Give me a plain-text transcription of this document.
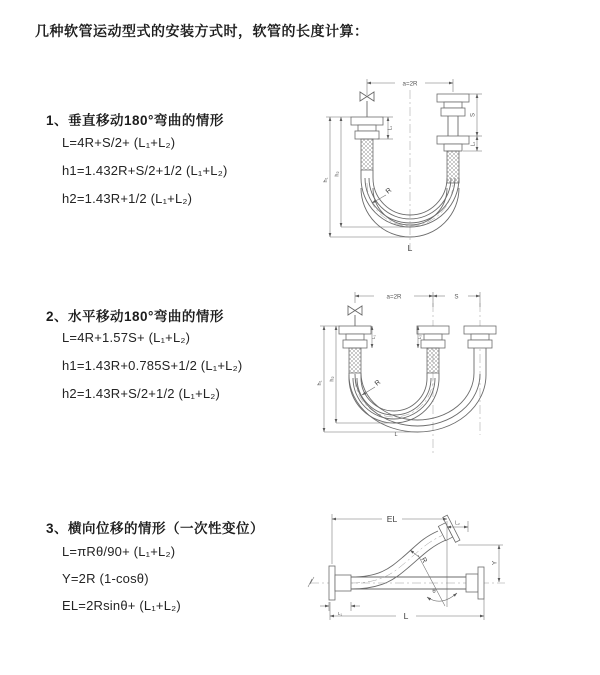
几种软管运动型式的安装方式时，软管的长度计算：
1、垂直移动180°弯曲的情形
L=4R+S/2+ (L₁+L₂)
h1=1.432R+S/2+1/2 (L₁+L₂)
h2=1.43R+1/2 (L₁+L₂)
2、水平移动180°弯曲的情形
L=4R+1.57S+ (L₁+L₂)
h1=1.43R+0.785S+1/2 (L₁+L₂)
h2=1.43R+S/2+1/2 (L₁+L₂)
3、横向位移的情形（一次性变位）
L=πRθ/90+ (L₁+L₂)
Y=2R (1-cosθ)
EL=2Rsinθ+ (L₁+L₂)
a=2R
S
L₂
L₁
h₁
h₂
R
L
a=2R	S
h₁
h₂
L₁	L₂
R
L
EL	L₂
Y
L
L₁
R
θ
